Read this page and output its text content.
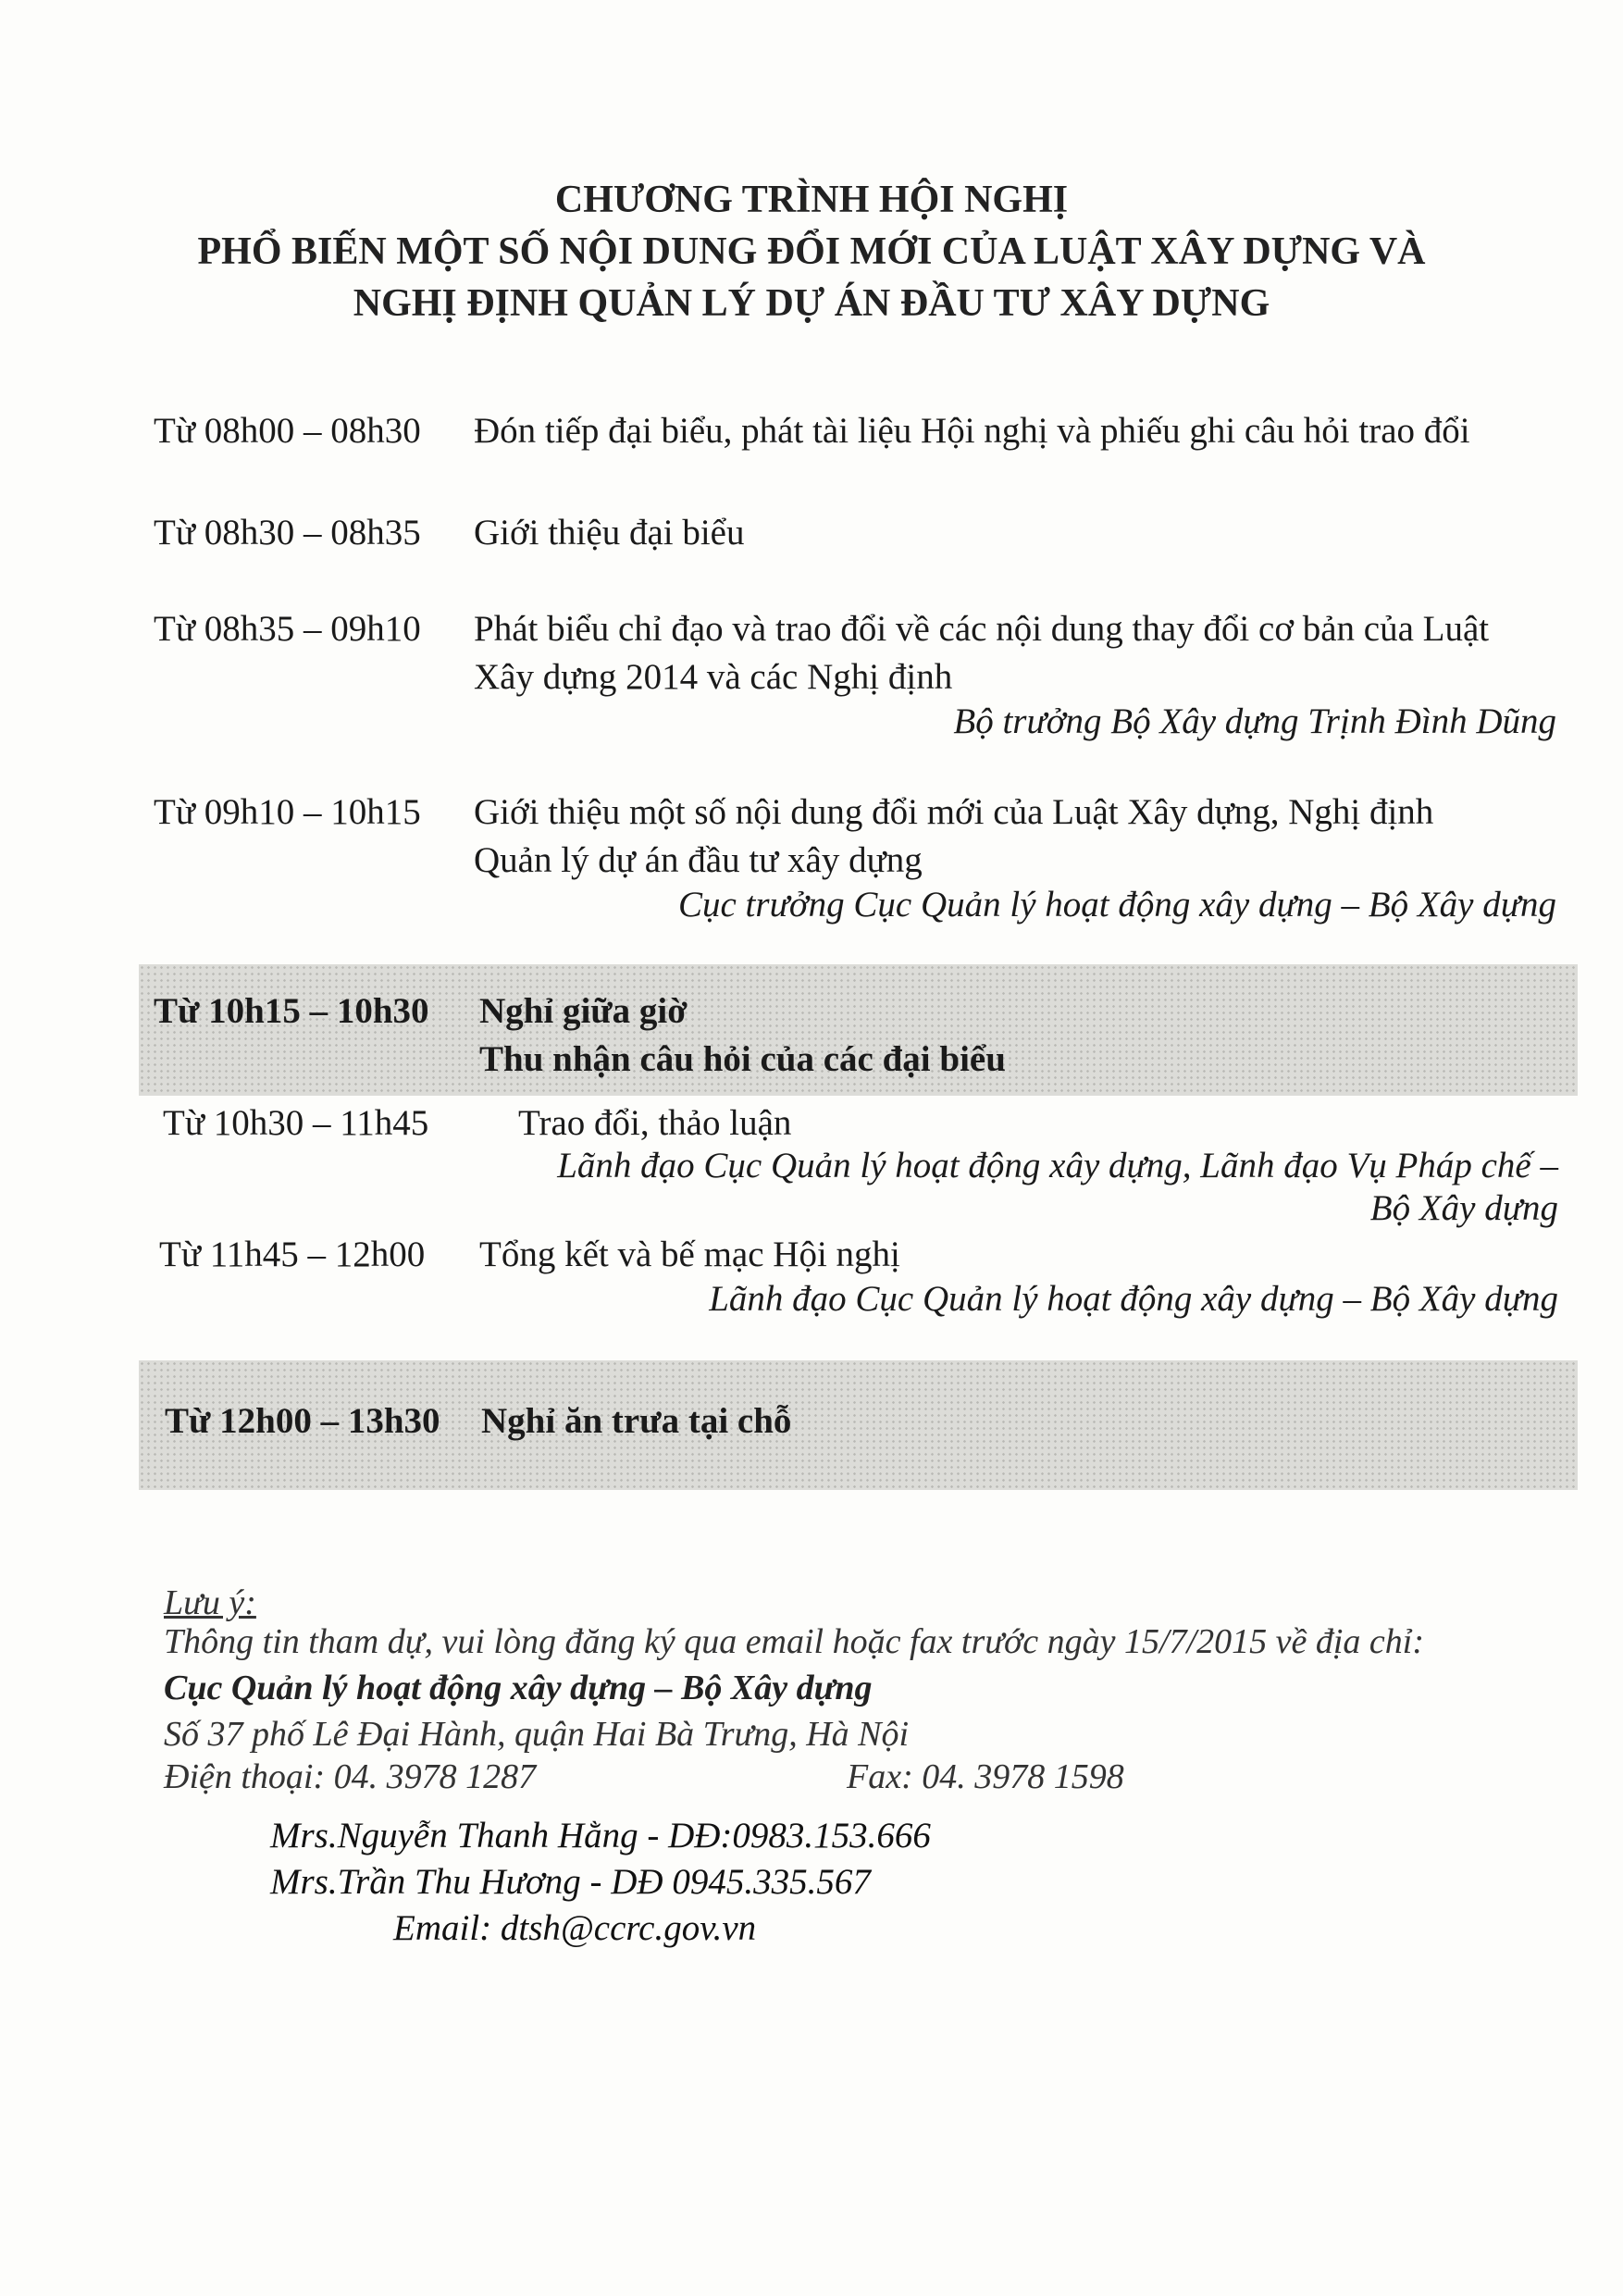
CHƯƠNG TRÌNH HỘI NGHỊ
PHỔ BIẾN MỘT SỐ NỘI DUNG ĐỔI MỚI CỦA LUẬT XÂY DỰNG VÀ
NGHỊ ĐỊNH QUẢN LÝ DỰ ÁN ĐẦU TƯ XÂY DỰNG
Từ 08h00 – 08h30 Đón tiếp đại biểu, phát tài liệu Hội nghị và phiếu ghi câu hỏi trao đổi
Từ 08h30 – 08h35 Giới thiệu đại biểu
Từ 08h35 – 09h10 Phát biểu chỉ đạo và trao đổi về các nội dung thay đổi cơ bản của Luật
Xây dựng 2014 và các Nghị định
Bộ trưởng Bộ Xây dựng Trịnh Đình Dũng
Từ 09h10 – 10h15 Giới thiệu một số nội dung đổi mới của Luật Xây dựng, Nghị định
Quản lý dự án đầu tư xây dựng
Cục trưởng Cục Quản lý hoạt động xây dựng – Bộ Xây dựng
Từ 10h15 – 10h30 Nghỉ giữa giờ
Thu nhận câu hỏi của các đại biểu
Từ 10h30 – 11h45 Trao đổi, thảo luận
Lãnh đạo Cục Quản lý hoạt động xây dựng, Lãnh đạo Vụ Pháp chế –
Bộ Xây dựng
Từ 11h45 – 12h00 Tổng kết và bế mạc Hội nghị
Lãnh đạo Cục Quản lý hoạt động xây dựng – Bộ Xây dựng
Từ 12h00 – 13h30 Nghỉ ăn trưa tại chỗ
Lưu ý:
Thông tin tham dự, vui lòng đăng ký qua email hoặc fax trước ngày 15/7/2015 về địa chỉ:
Cục Quản lý hoạt động xây dựng – Bộ Xây dựng
Số 37 phố Lê Đại Hành, quận Hai Bà Trưng, Hà Nội
Điện thoại: 04. 3978 1287	Fax: 04. 3978 1598
Mrs.Nguyễn Thanh Hằng - DĐ:0983.153.666
Mrs.Trần Thu Hương - DĐ 0945.335.567
Email: dtsh@ccrc.gov.vn
